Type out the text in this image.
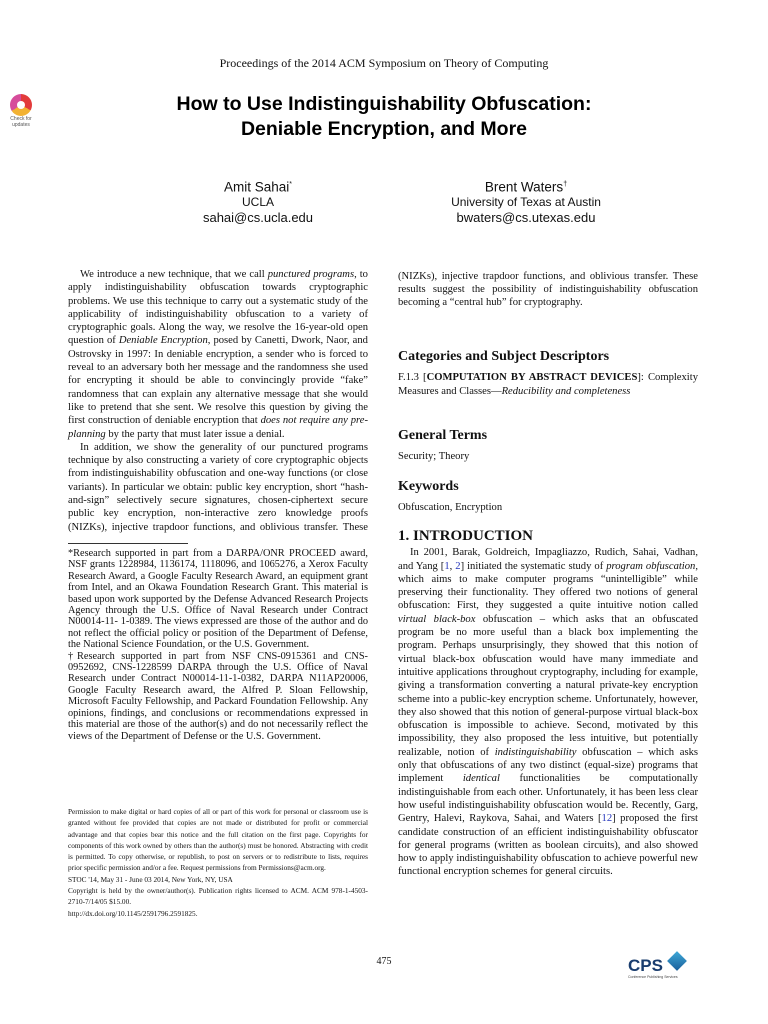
Proceedings of the 2014 ACM Symposium on Theory of Computing
Check for
updates
How to Use Indistinguishability Obfuscation:
Deniable Encryption, and More
Amit Sahai*
UCLA
sahai@cs.ucla.edu
Brent Waters†
University of Texas at Austin
bwaters@cs.utexas.edu

We introduce a new technique, that we call punctured programs, to apply indistinguishability obfuscation towards cryptographic problems. We use this technique to carry out a systematic study of the applicability of indistinguishability obfuscation to a variety of cryptographic goals. Along the way, we resolve the 16-year-old open question of Deniable Encryption, posed by Canetti, Dwork, Naor, and Ostrovsky in 1997: In deniable encryption, a sender who is forced to reveal to an adversary both her message and the randomness she used for encrypting it should be able to convincingly provide “fake” randomness that can explain any alternative message that she would like to pretend that she sent. We resolve this question by giving the first construction of deniable encryption that does not require any pre-planning by the party that must later issue a denial.

In addition, we show the generality of our punctured programs technique by also constructing a variety of core cryptographic objects from indistinguishability obfuscation and one-way functions (or close variants). In particular we obtain: public key encryption, short “hash-and-sign” selectively secure signatures, chosen-ciphertext secure public key encryption, non-interactive zero knowledge proofs (NIZKs), injective trapdoor functions, and oblivious transfer. These

*Research supported in part from a DARPA/ONR PROCEED award, NSF grants 1228984, 1136174, 1118096, and 1065276, a Xerox Faculty Research Award, a Google Faculty Research Award, an equipment grant from Intel, and an Okawa Foundation Research Grant. This material is based upon work supported by the Defense Advanced Research Projects Agency through the U.S. Office of Naval Research under Contract N00014-11- 1-0389. The views expressed are those of the author and do not reflect the official policy or position of the Department of Defense, the National Science Foundation, or the U.S. Government.

†Research supported in part from NSF CNS-0915361 and CNS-0952692, CNS-1228599 DARPA through the U.S. Office of Naval Research under Contract N00014-11-1-0382, DARPA N11AP20006, Google Faculty Research award, the Alfred P. Sloan Fellowship, Microsoft Faculty Fellowship, and Packard Foundation Fellowship. Any opinions, findings, and conclusions or recommendations expressed in this material are those of the author(s) and do not necessarily reflect the views of the Department of Defense or the U.S. Government.

Permission to make digital or hard copies of all or part of this work for personal or classroom use is granted without fee provided that copies are not made or distributed for profit or commercial advantage and that copies bear this notice and the full citation on the first page. Copyrights for components of this work owned by others than the author(s) must be honored. Abstracting with credit is permitted. To copy otherwise, or republish, to post on servers or to redistribute to lists, requires prior specific permission and/or a fee. Request permissions from Permissions@acm.org.

STOC '14, May 31 - June 03 2014, New York, NY, USA

Copyright is held by the owner/author(s). Publication rights licensed to ACM. ACM 978-1-4503-2710-7/14/05 $15.00.

http://dx.doi.org/10.1145/2591796.2591825.

(NIZKs), injective trapdoor functions, and oblivious transfer. These results suggest the possibility of indistinguishability obfuscation becoming a “central hub” for cryptography.

Categories and Subject Descriptors

F.1.3 [COMPUTATION BY ABSTRACT DEVICES]: Complexity Measures and Classes—Reducibility and completeness

General Terms

Security; Theory

Keywords

Obfuscation, Encryption

1. INTRODUCTION

In 2001, Barak, Goldreich, Impagliazzo, Rudich, Sahai, Vadhan, and Yang [1, 2] initiated the systematic study of program obfuscation, which aims to make computer programs “unintelligible” while preserving their functionality. They offered two notions of general obfuscation: First, they suggested a quite intuitive notion called virtual black-box obfuscation – which asks that an obfuscated program be no more useful than a black box implementing the program. Perhaps unsurprisingly, they showed that this notion of virtual black-box obfuscation would have many immediate and intuitive applications throughout cryptography, including for example, giving a transformation converting a natural private-key encryption scheme into a public-key encryption scheme. Unfortunately, however, they also showed that this notion of general-purpose virtual black-box obfuscation is impossible to achieve. Second, motivated by this impossibility, they also proposed the less intuitive, but potentially realizable, notion of indistinguishability obfuscation – which asks only that obfuscations of any two distinct (equal-size) programs that implement identical functionalities be computationally indistinguishable from each other. Unfortunately, it has been less clear how useful indistinguishability obfuscation would be. Recently, Garg, Gentry, Halevi, Raykova, Sahai, and Waters [12] proposed the first candidate construction of an efficient indistinguishability obfuscator for general programs (written as boolean circuits), and also showed how to apply indistinguishability obfuscation to achieve powerful new functional encryption schemes for general circuits.

475	CPS
Conference Publishing Services
